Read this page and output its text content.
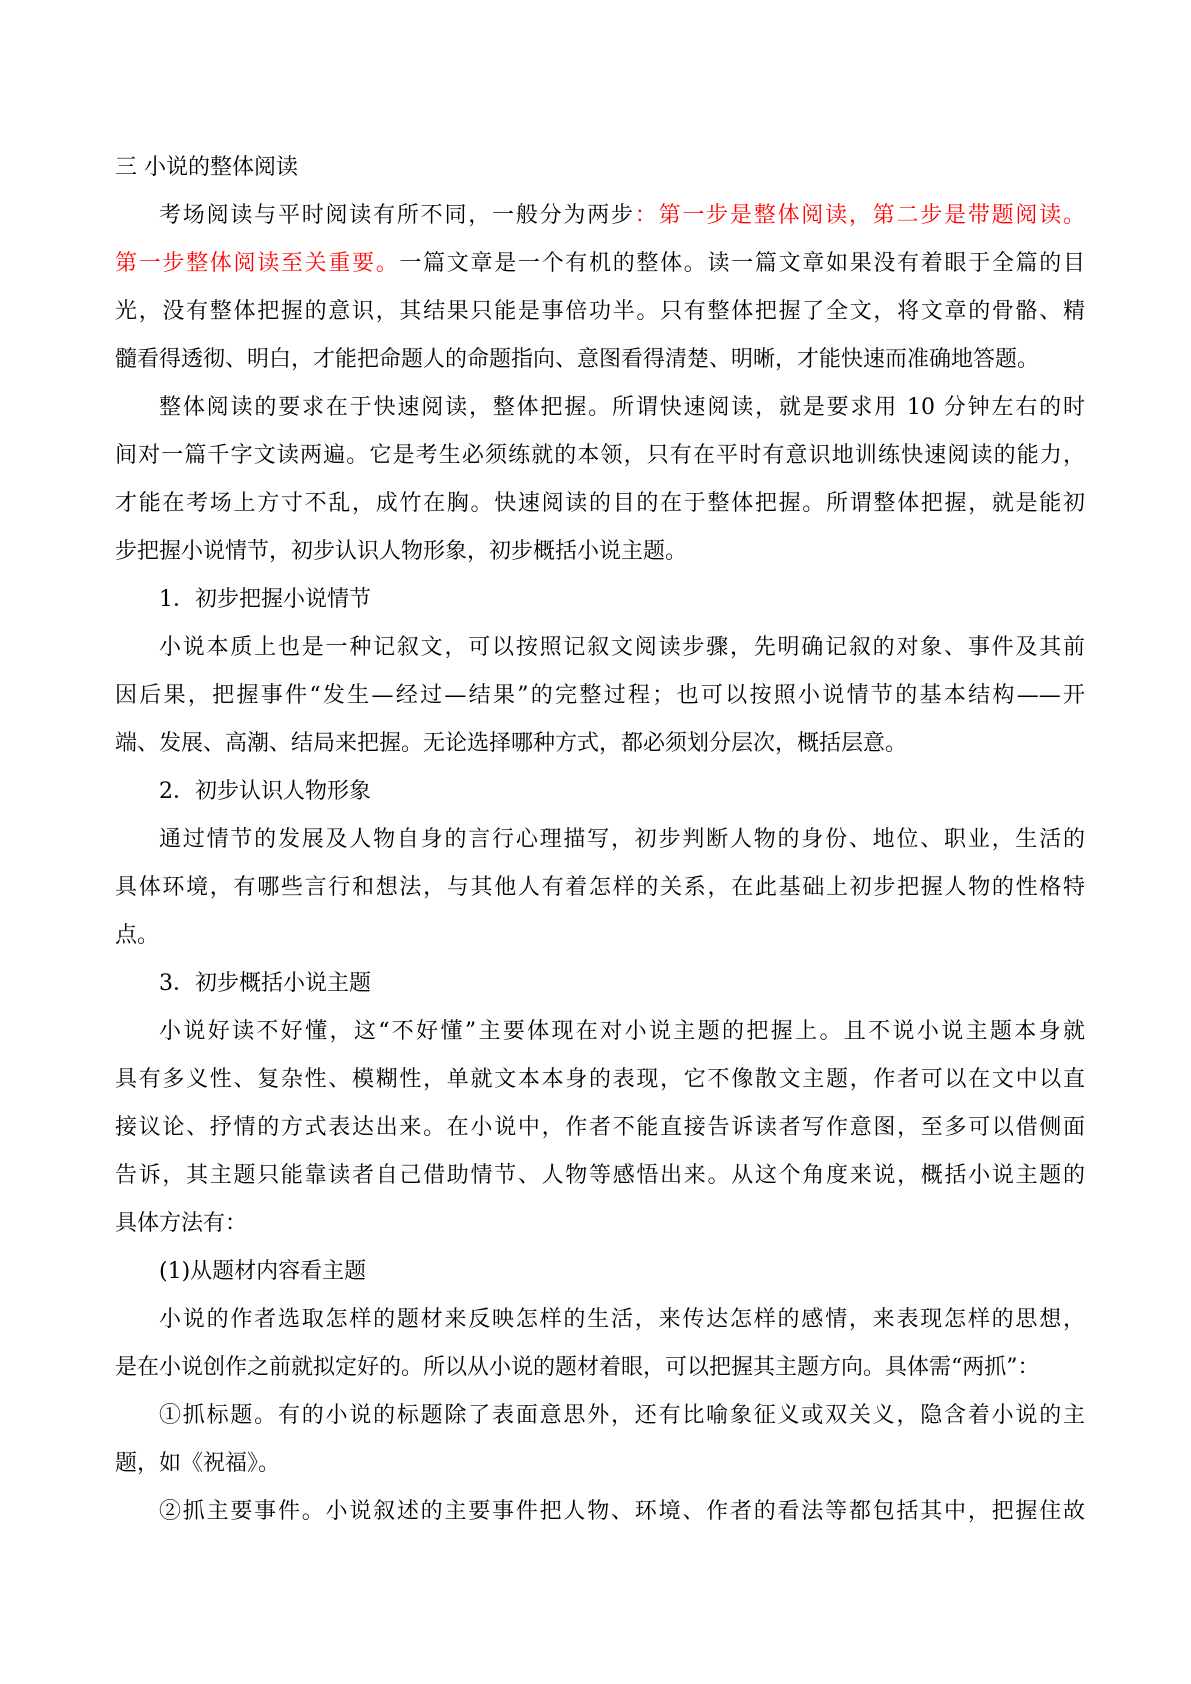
三 小说的整体阅读
考场阅读与平时阅读有所不同，一般分为两步：第一步是整体阅读，第二步是带题阅读。
第一步整体阅读至关重要。一篇文章是一个有机的整体。读一篇文章如果没有着眼于全篇的目
光，没有整体把握的意识，其结果只能是事倍功半。只有整体把握了全文，将文章的骨骼、精
髓看得透彻、明白，才能把命题人的命题指向、意图看得清楚、明晰，才能快速而准确地答题。
整体阅读的要求在于快速阅读，整体把握。所谓快速阅读，就是要求用 10 分钟左右的时
间对一篇千字文读两遍。它是考生必须练就的本领，只有在平时有意识地训练快速阅读的能力，
才能在考场上方寸不乱，成竹在胸。快速阅读的目的在于整体把握。所谓整体把握，就是能初
步把握小说情节，初步认识人物形象，初步概括小说主题。
1．初步把握小说情节
小说本质上也是一种记叙文，可以按照记叙文阅读步骤，先明确记叙的对象、事件及其前
因后果，把握事件“发生—经过—结果”的完整过程；也可以按照小说情节的基本结构——开
端、发展、高潮、结局来把握。无论选择哪种方式，都必须划分层次，概括层意。
2．初步认识人物形象
通过情节的发展及人物自身的言行心理描写，初步判断人物的身份、地位、职业，生活的
具体环境，有哪些言行和想法，与其他人有着怎样的关系，在此基础上初步把握人物的性格特
点。
3．初步概括小说主题
小说好读不好懂，这“不好懂”主要体现在对小说主题的把握上。且不说小说主题本身就
具有多义性、复杂性、模糊性，单就文本本身的表现，它不像散文主题，作者可以在文中以直
接议论、抒情的方式表达出来。在小说中，作者不能直接告诉读者写作意图，至多可以借侧面
告诉，其主题只能靠读者自己借助情节、人物等感悟出来。从这个角度来说，概括小说主题的
具体方法有：
(1)从题材内容看主题
小说的作者选取怎样的题材来反映怎样的生活，来传达怎样的感情，来表现怎样的思想，
是在小说创作之前就拟定好的。所以从小说的题材着眼，可以把握其主题方向。具体需“两抓”：
①抓标题。有的小说的标题除了表面意思外，还有比喻象征义或双关义，隐含着小说的主
题，如《祝福》。
②抓主要事件。小说叙述的主要事件把人物、环境、作者的看法等都包括其中，把握住故
